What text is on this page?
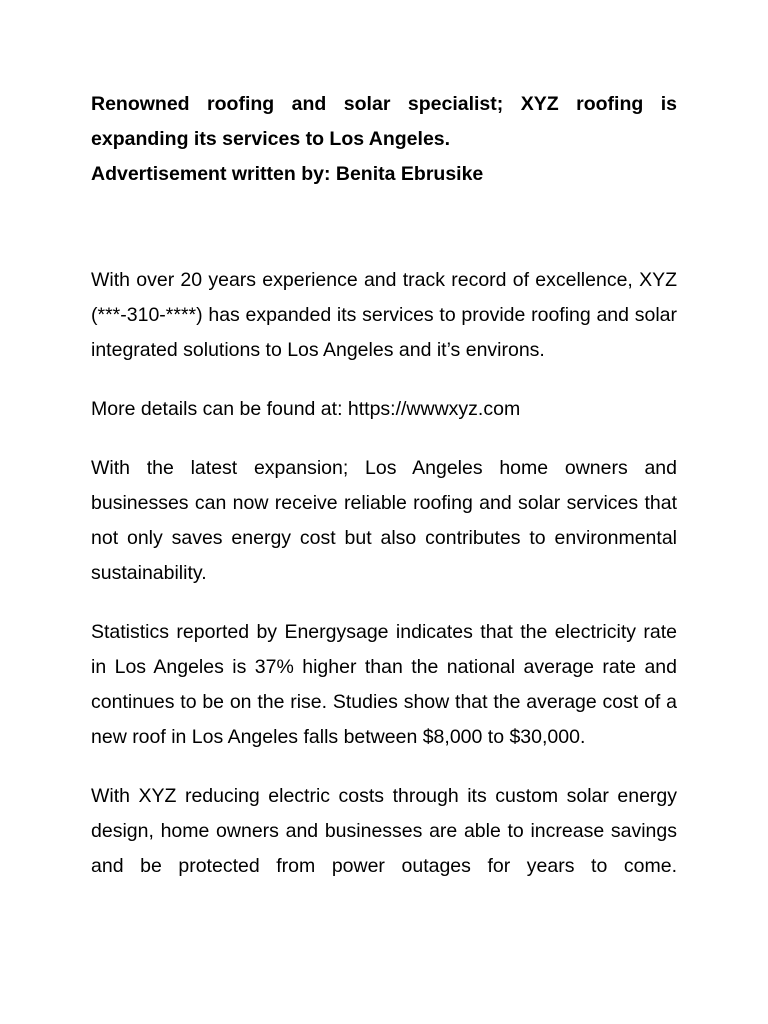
Renowned roofing and solar specialist; XYZ roofing is expanding its services to Los Angeles.

Advertisement written by: Benita Ebrusike

With over 20 years experience and track record of excellence, XYZ (***-310-****) has expanded its services to provide roofing and solar integrated solutions to Los Angeles and it’s environs.

More details can be found at: https://wwwxyz.com

With the latest expansion; Los Angeles home owners and businesses can now receive reliable roofing and solar services that not only saves energy cost but also contributes to environmental sustainability.

Statistics reported by Energysage indicates that the electricity rate in Los Angeles is 37% higher than the national average rate and continues to be on the rise. Studies show that the average cost of a new roof in Los Angeles falls between $8,000 to $30,000.

With XYZ reducing electric costs through its custom solar energy design, home owners and businesses are able to increase savings and be protected from power outages for years to come.
